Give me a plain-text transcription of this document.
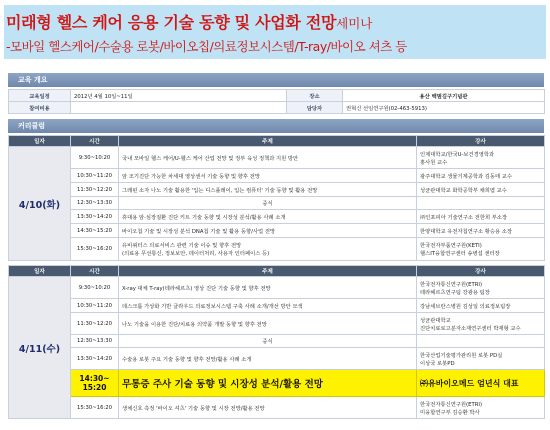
미래형 헬스 케어 응용 기술 동향 및 사업화 전망세미나
-모바일 헬스케어/수술용 로봇/바이오칩/의료정보시스템/T-ray/바이오 셔츠 등
교육 개요
교육일정	2012년 4월 10일~11일	장소	용산 백범김구기념관
참여비용		담당자	권혁신 선임연구원(02-463-5913)
커리큘럼
일자	시간	주제	강사
4/10(화)	9:30~10:20	국내 모바일 헬스 케어/U-헬스 케어 산업 전망 및 정부 육성 정책과 지원 방안	인제대학교/한국U-보건경영학과
홍사원 교수
	10:30~11:20	암 조기진단 가능한 차세대 영상센서 기술 동향 및 향후 전망	광주대학교 생물기계공학과 김동태 교수
	11:30~12:20	그래핀 소자 나노 기술 활용한 '입는 디스플레이, 입는 컴퓨터' 기술 동향 및 활용 전망	성균관대학교 화학공학부 채희엽 교수
	12:30~13:30	중식	
	13:30~14:20	휴대용 암·심장질환 진단 키트 기술 동향 및 시장성 분석/활용 사례 소개	㈜인포피아 기술연구소 전한희 부소장
	14:30~15:20	바이오칩 기술 및 시장성 분석 DNA칩 기술 및 활용 동향/사업 전망	한양대학교 유전자칩연구소 황승용 소장
	15:30~16:20	유비쿼터스 의료서비스 관련 기술 이슈 및 향후 전망
(의료용 무선통신, 정보보안, 데이터처리, 사용자 인터페이스 등)	한국전자부품연구원(KETI)
헬스IT융합연구센터 송병섭 센터장
일자	시간	주제	강사
4/11(수)	9:30~10:20	X-ray 대체 T-ray(테라헤르츠) 영상 진단 기술 동향 및 향후 전망	한국전자통신연구원(ETRI)
테라헤르츠연구팀 강광용 팀장
	10:30~11:20	데스크톱 가상화 기반 클라우드 의료정보시스템 구축 사례 소개/개선 방안 모색	강남세브란스병원 김성일 의료정보팀장
	11:30~12:20	나노 기술을 이용한 진단/치료용 의약품 개발 동향 및 향후 전망	성균관대학교
진단치료로고분자소재연구센터 박재형 교수
	12:30~13:30	중식	
	13:30~14:20	수술용 로봇 주요 기술 동향 및 향후 전망/활용 사례 소개	한국산업기술평가관리원 로봇 PD실
이상국 로봇PD
	14:30~
15:20	무통증 주사 기술 동향 및 시장성 분석/활용 전망	㈜유바이오메드 엄년식 대표
	15:30~16:20	생체신호 측정 '바이오 셔츠' 기술 동향 및 시장 전망/활용 전망	한국전자통신연구원(ETRI)
미융합연구부 김승환 박사
